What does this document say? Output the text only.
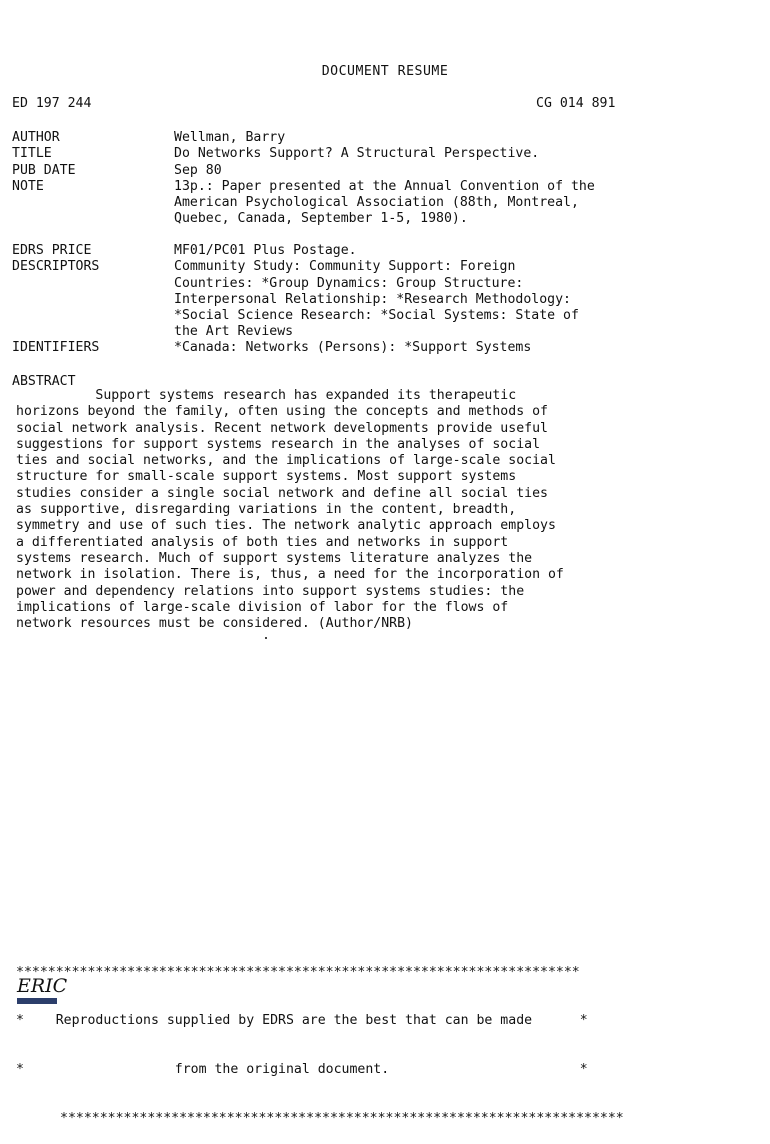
DOCUMENT RESUME
ED 197 244	CG 014 891
AUTHOR	Wellman, Barry
TITLE	Do Networks Support? A Structural Perspective.
PUB DATE	Sep 80
NOTE	13p.: Paper presented at the Annual Convention of the
American Psychological Association (88th, Montreal,
Quebec, Canada, September 1-5, 1980).
EDRS PRICE	MF01/PC01 Plus Postage.
DESCRIPTORS	Community Study: Community Support: Foreign
Countries: *Group Dynamics: Group Structure:
Interpersonal Relationship: *Research Methodology:
*Social Science Research: *Social Systems: State of
the Art Reviews
IDENTIFIERS	*Canada: Networks (Persons): *Support Systems
ABSTRACT
Support systems research has expanded its therapeutic
horizons beyond the family, often using the concepts and methods of
social network analysis. Recent network developments provide useful
suggestions for support systems research in the analyses of social
ties and social networks, and the implications of large-scale social
structure for small-scale support systems. Most support systems
studies consider a single social network and define all social ties
as supportive, disregarding variations in the content, breadth,
symmetry and use of such ties. The network analytic approach employs
a differentiated analysis of both ties and networks in support
systems research. Much of support systems literature analyzes the
network in isolation. There is, thus, a need for the incorporation of
power and dependency relations into support systems studies: the
implications of large-scale division of labor for the flows of
network resources must be considered. (Author/NRB)

***********************************************************************

*    Reproductions supplied by EDRS are the best that can be made      *

*                   from the original document.                        *

***********************************************************************

ERIC
